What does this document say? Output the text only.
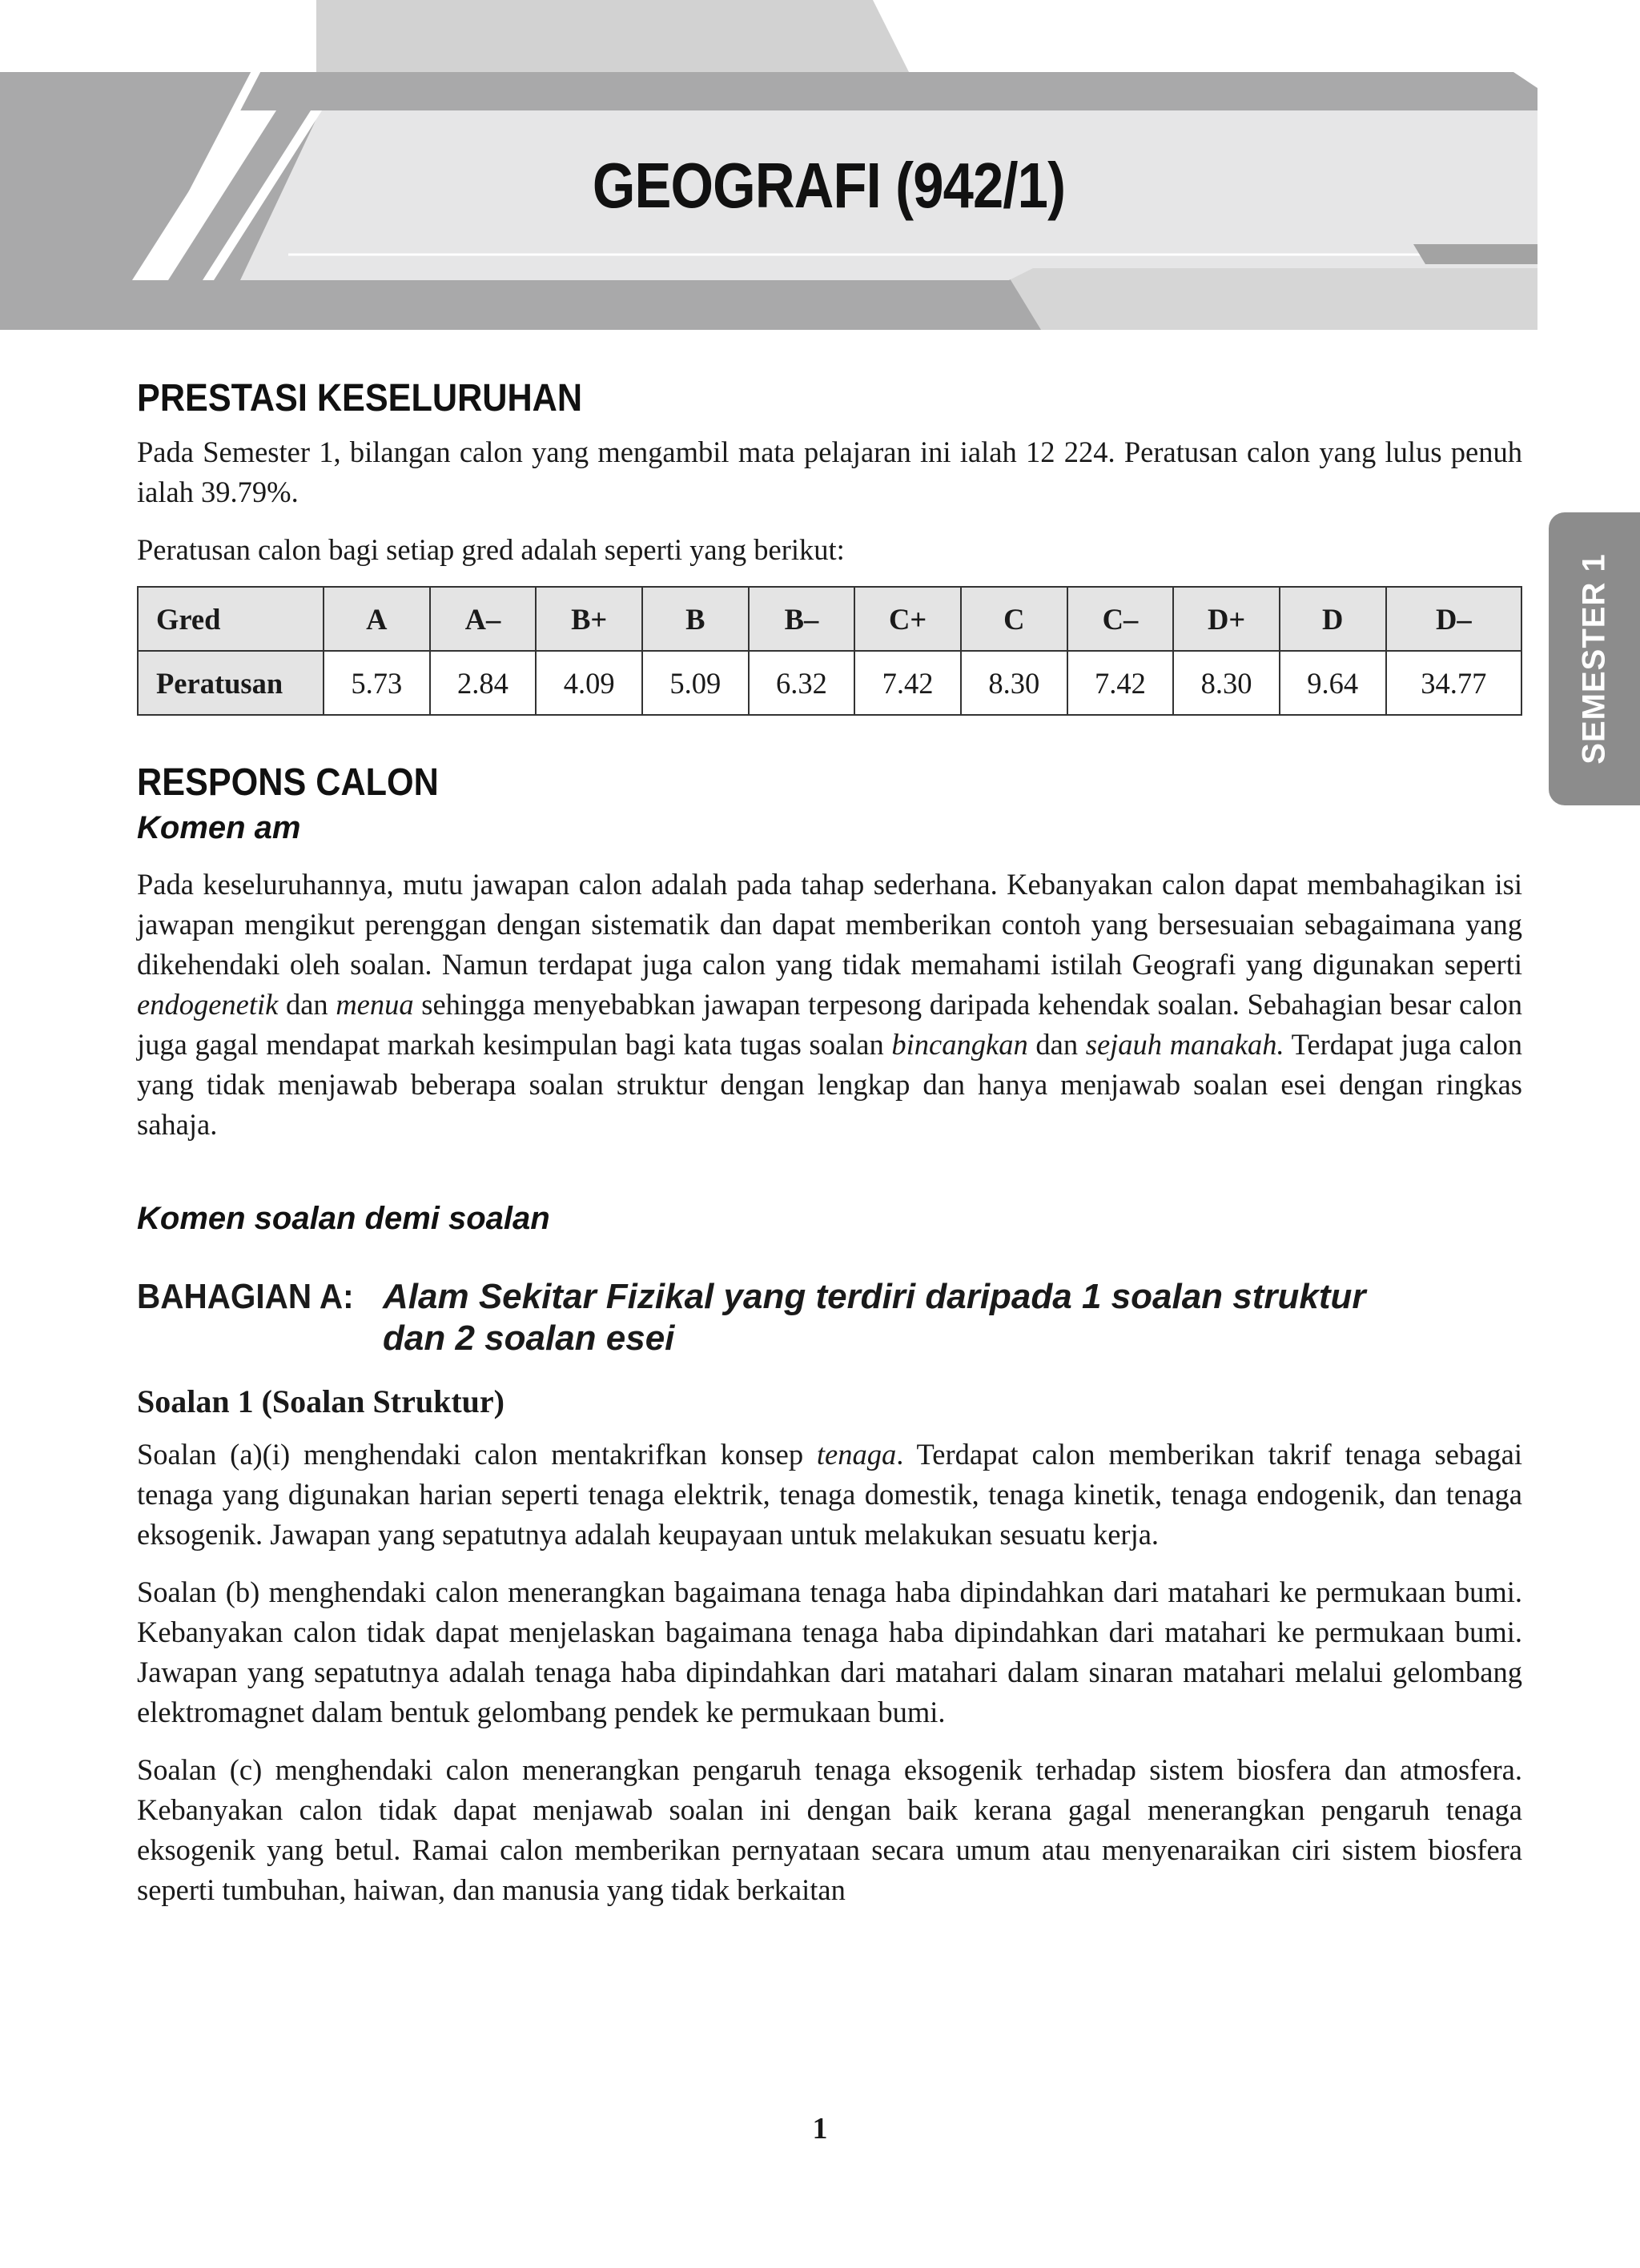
GEOGRAFI (942/1)
SEMESTER 1
PRESTASI KESELURUHAN

Pada Semester 1, bilangan calon yang mengambil mata pelajaran ini ialah 12 224. Peratusan calon yang lulus penuh ialah 39.79%.

Peratusan calon bagi setiap gred adalah seperti yang berikut:

Gred	A	A–	B+	B	B–	C+	C	C–	D+	D	D–
Peratusan	5.73	2.84	4.09	5.09	6.32	7.42	8.30	7.42	8.30	9.64	34.77
RESPONS CALON
Komen am

Pada keseluruhannya, mutu jawapan calon adalah pada tahap sederhana. Kebanyakan calon dapat membahagikan isi jawapan mengikut perenggan dengan sistematik dan dapat memberikan contoh yang bersesuaian sebagaimana yang dikehendaki oleh soalan. Namun terdapat juga calon yang tidak memahami istilah Geografi yang digunakan seperti endogenetik dan menua sehingga menyebabkan jawapan terpesong daripada kehendak soalan. Sebahagian besar calon juga gagal mendapat markah kesimpulan bagi kata tugas soalan bincangkan dan sejauh manakah. Terdapat juga calon yang tidak menjawab beberapa soalan struktur dengan lengkap dan hanya menjawab soalan esei dengan ringkas sahaja.

Komen soalan demi soalan
BAHAGIAN A: Alam Sekitar Fizikal yang terdiri daripada 1 soalan struktur dan 2 soalan esei
Soalan 1 (Soalan Struktur)

Soalan (a)(i) menghendaki calon mentakrifkan konsep tenaga. Terdapat calon memberikan takrif tenaga sebagai tenaga yang digunakan harian seperti tenaga elektrik, tenaga domestik, tenaga kinetik, tenaga endogenik, dan tenaga eksogenik. Jawapan yang sepatutnya adalah keupayaan untuk melakukan sesuatu kerja.

Soalan (b) menghendaki calon menerangkan bagaimana tenaga haba dipindahkan dari matahari ke permukaan bumi. Kebanyakan calon tidak dapat menjelaskan bagaimana tenaga haba dipindahkan dari matahari ke permukaan bumi. Jawapan yang sepatutnya adalah tenaga haba dipindahkan dari matahari dalam sinaran matahari melalui gelombang elektromagnet dalam bentuk gelombang pendek ke permukaan bumi.

Soalan (c) menghendaki calon menerangkan pengaruh tenaga eksogenik terhadap sistem biosfera dan atmosfera. Kebanyakan calon tidak dapat menjawab soalan ini dengan baik kerana gagal menerangkan pengaruh tenaga eksogenik yang betul. Ramai calon memberikan pernyataan secara umum atau menyenaraikan ciri sistem biosfera seperti tumbuhan, haiwan, dan manusia yang tidak berkaitan

1
